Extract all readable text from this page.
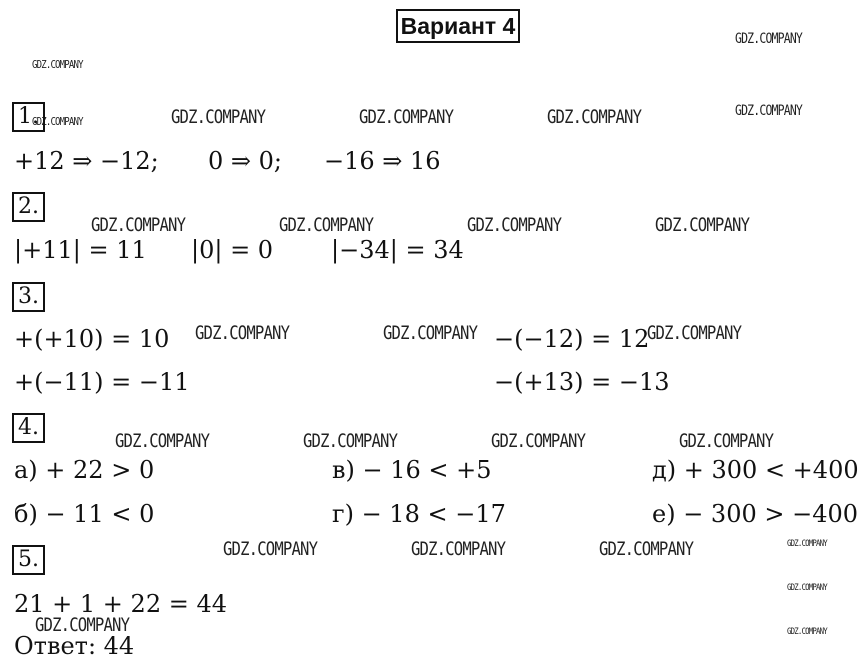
Вариант 4
GDZ.COMPANY	GDZ.COMPANY	GDZ.COMPANY
GDZ.COMPANY	GDZ.COMPANY	GDZ.COMPANY	GDZ.COMPANY
GDZ.COMPANY	GDZ.COMPANY	GDZ.COMPANY
GDZ.COMPANY	GDZ.COMPANY	GDZ.COMPANY	GDZ.COMPANY
GDZ.COMPANY	GDZ.COMPANY	GDZ.COMPANY
GDZ.COMPANY
GDZ.COMPANY
GDZ.COMPANY
GDZ.COMPANY
GDZ.COMPANY
GDZ.COMPANY
GDZ.COMPANY
GDZ.COMPANY
1.
+12 ⇒ −12; 0 ⇒ 0; −16 ⇒ 16
2.
|+11| = 11 |0| = 0 |−34| = 34
3.
+(+10) = 10	−(−12) = 12
+(−11) = −11	−(+13) = −13
4.
а) + 22 > 0	в) − 16 < +5	д) + 300 < +400
б) − 11 < 0	г) − 18 < −17	е) − 300 > −400
5.
21 + 1 + 22 = 44
Ответ: 44
